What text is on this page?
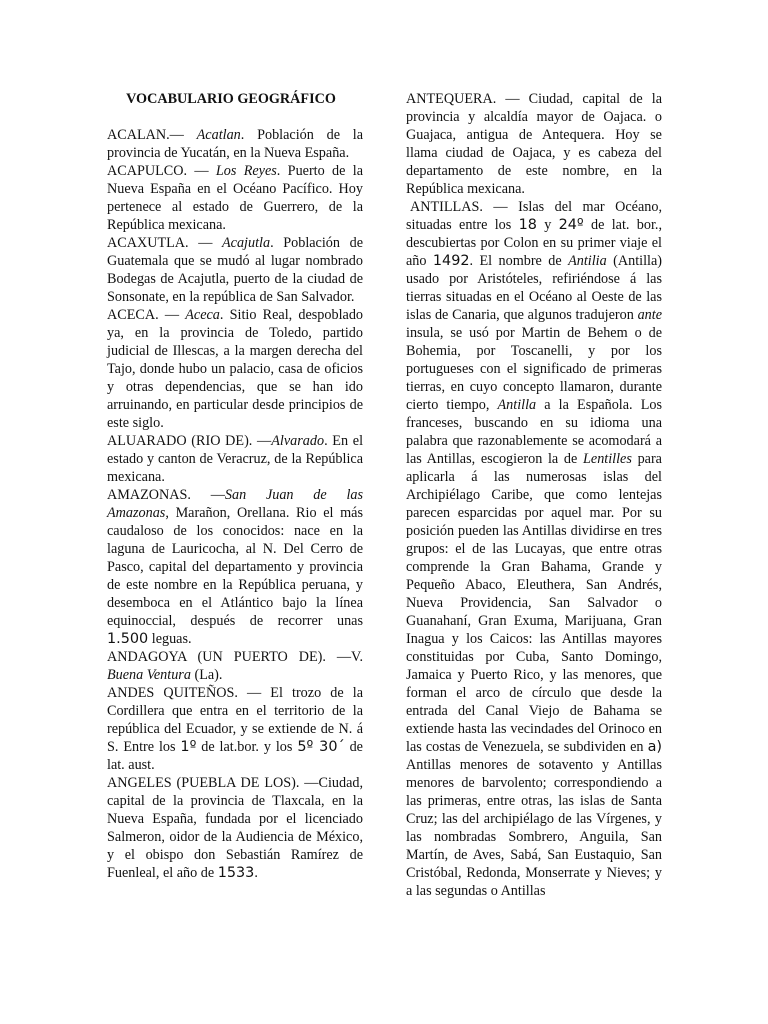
VOCABULARIO GEOGRÁFICO

ACALAN.— Acatlan. Población de la provincia de Yucatán, en la Nueva España.

ACAPULCO. — Los Reyes. Puerto de la Nueva España en el Océano Pacífico. Hoy pertenece al estado de Guerrero, de la República mexicana.

ACAXUTLA. — Acajutla. Población de Guatemala que se mudó al lugar nombrado Bodegas de Acajutla, puerto de la ciudad de Sonsonate, en la república de San Salvador.

ACECA. — Aceca. Sitio Real, despoblado ya, en la provincia de Toledo, partido judicial de Illescas, a la margen derecha del Tajo, donde hubo un palacio, casa de oficios y otras dependencias, que se han ido arruinando, en particular desde principios de este siglo.

ALUARADO (RIO DE). —Alvarado. En el estado y canton de Veracruz, de la República mexicana.

AMAZONAS. —San Juan de las Amazonas, Marañon, Orellana. Rio el más caudaloso de los conocidos: nace en la laguna de Lauricocha, al N. Del Cerro de Pasco, capital del departamento y provincia de este nombre en la República peruana, y desemboca en el Atlántico bajo la línea equinoccial, después de recorrer unas 1.500 leguas.

ANDAGOYA (UN PUERTO DE). —V. Buena Ventura (La).

ANDES QUITEÑOS. — El trozo de la Cordillera que entra en el territorio de la república del Ecuador, y se extiende de N. á S. Entre los 1º de lat.bor. y los 5º 30´ de lat. aust.

ANGELES (PUEBLA DE LOS). —Ciudad, capital de la provincia de Tlaxcala, en la Nueva España, fundada por el licenciado Salmeron, oidor de la Audiencia de México, y el obispo don Sebastián Ramírez de Fuenleal, el año de 1533.

ANTEQUERA. — Ciudad, capital de la provincia y alcaldía mayor de Oajaca. o Guajaca, antigua de Antequera. Hoy se llama ciudad de Oajaca, y es cabeza del departamento de este nombre, en la República mexicana.

ANTILLAS. — Islas del mar Océano, situadas entre los 18 y 24º de lat. bor., descubiertas por Colon en su primer viaje el año 1492. El nombre de Antilia (Antilla) usado por Aristóteles, refiriéndose á las tierras situadas en el Océano al Oeste de las islas de Canaria, que algunos tradujeron ante insula, se usó por Martin de Behem o de Bohemia, por Toscanelli, y por los portugueses con el significado de primeras tierras, en cuyo concepto llamaron, durante cierto tiempo, Antilla a la Española. Los franceses, buscando en su idioma una palabra que razonablemente se acomodará a las Antillas, escogieron la de Lentilles para aplicarla á las numerosas islas del Archipiélago Caribe, que como lentejas parecen esparcidas por aquel mar. Por su posición pueden las Antillas dividirse en tres grupos: el de las Lucayas, que entre otras comprende la Gran Bahama, Grande y Pequeño Abaco, Eleuthera, San Andrés, Nueva Providencia, San Salvador o Guanahaní, Gran Exuma, Marijuana, Gran Inagua y los Caicos: las Antillas mayores constituidas por Cuba, Santo Domingo, Jamaica y Puerto Rico, y las menores, que forman el arco de círculo que desde la entrada del Canal Viejo de Bahama se extiende hasta las vecindades del Orinoco en las costas de Venezuela, se subdividen en a) Antillas menores de sotavento y Antillas menores de barvolento; correspondiendo a las primeras, entre otras, las islas de Santa Cruz; las del archipiélago de las Vírgenes, y las nombradas Sombrero, Anguila, San Martín, de Aves, Sabá, San Eustaquio, San Cristóbal, Redonda, Monserrate y Nieves; y a las segundas o Antillas
